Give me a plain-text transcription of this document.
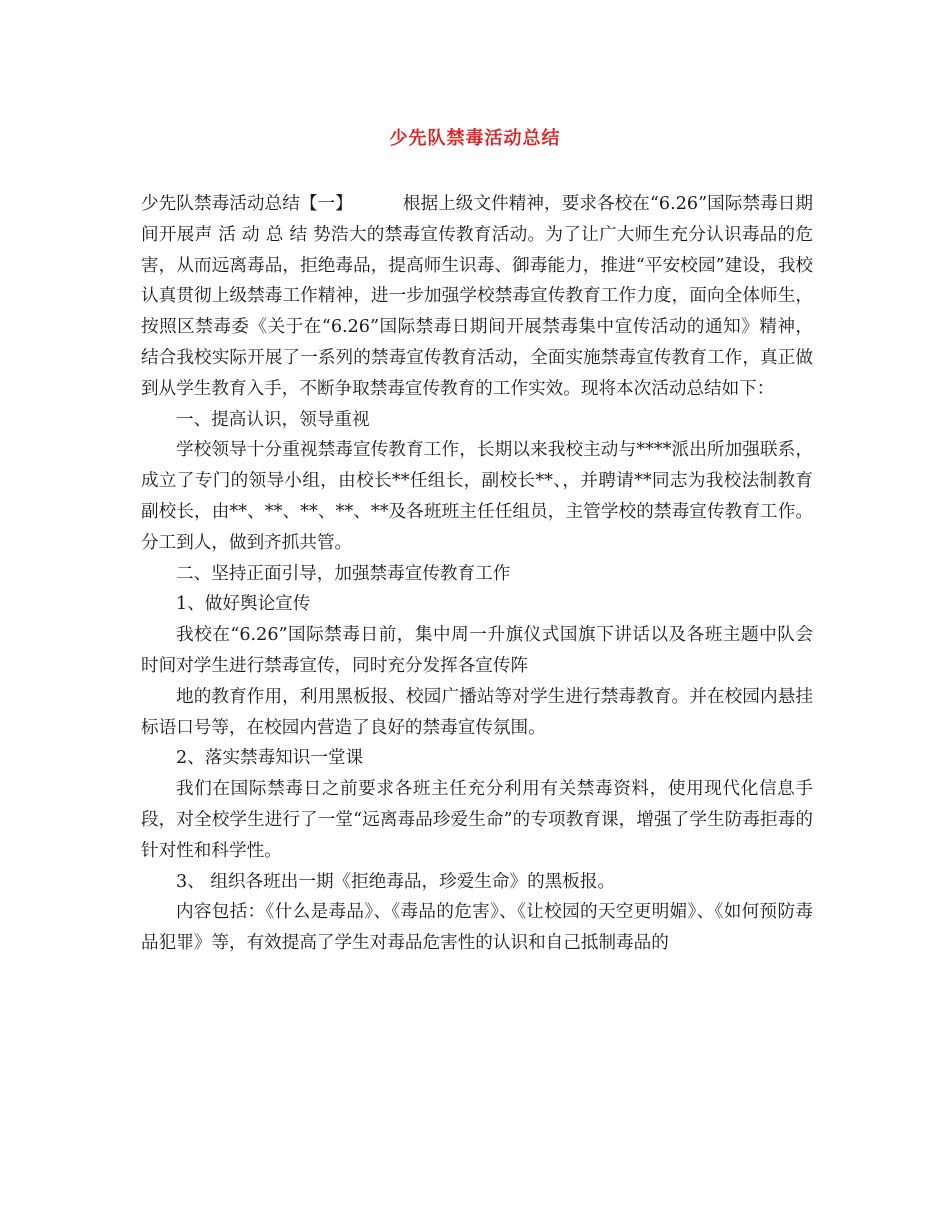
少先队禁毒活动总结

少先队禁毒活动总结【一】	根据上级文件精神，要求各校在“6.26”国际禁毒日期间开展声 活 动 总 结 势浩大的禁毒宣传教育活动。为了让广大师生充分认识毒品的危害，从而远离毒品，拒绝毒品，提高师生识毒、御毒能力，推进“平安校园”建设，我校认真贯彻上级禁毒工作精神，进一步加强学校禁毒宣传教育工作力度，面向全体师生，按照区禁毒委《关于在“6.26”国际禁毒日期间开展禁毒集中宣传活动的通知》精神，结合我校实际开展了一系列的禁毒宣传教育活动，全面实施禁毒宣传教育工作，真正做到从学生教育入手，不断争取禁毒宣传教育的工作实效。现将本次活动总结如下：

一、提高认识，领导重视

学校领导十分重视禁毒宣传教育工作，长期以来我校主动与****派出所加强联系，成立了专门的领导小组，由校长**任组长，副校长**、，并聘请**同志为我校法制教育副校长，由**、**、**、**、**及各班班主任任组员，主管学校的禁毒宣传教育工作。分工到人，做到齐抓共管。

二、坚持正面引导，加强禁毒宣传教育工作

1、做好舆论宣传

我校在“6.26”国际禁毒日前，集中周一升旗仪式国旗下讲话以及各班主题中队会时间对学生进行禁毒宣传，同时充分发挥各宣传阵

地的教育作用，利用黑板报、校园广播站等对学生进行禁毒教育。并在校园内悬挂标语口号等，在校园内营造了良好的禁毒宣传氛围。

2、落实禁毒知识一堂课

我们在国际禁毒日之前要求各班主任充分利用有关禁毒资料，使用现代化信息手段，对全校学生进行了一堂“远离毒品珍爱生命”的专项教育课，增强了学生防毒拒毒的针对性和科学性。

3、 组织各班出一期《拒绝毒品，珍爱生命》的黑板报。

内容包括：《什么是毒品》、《毒品的危害》、《让校园的天空更明媚》、《如何预防毒品犯罪》等，有效提高了学生对毒品危害性的认识和自己抵制毒品的
